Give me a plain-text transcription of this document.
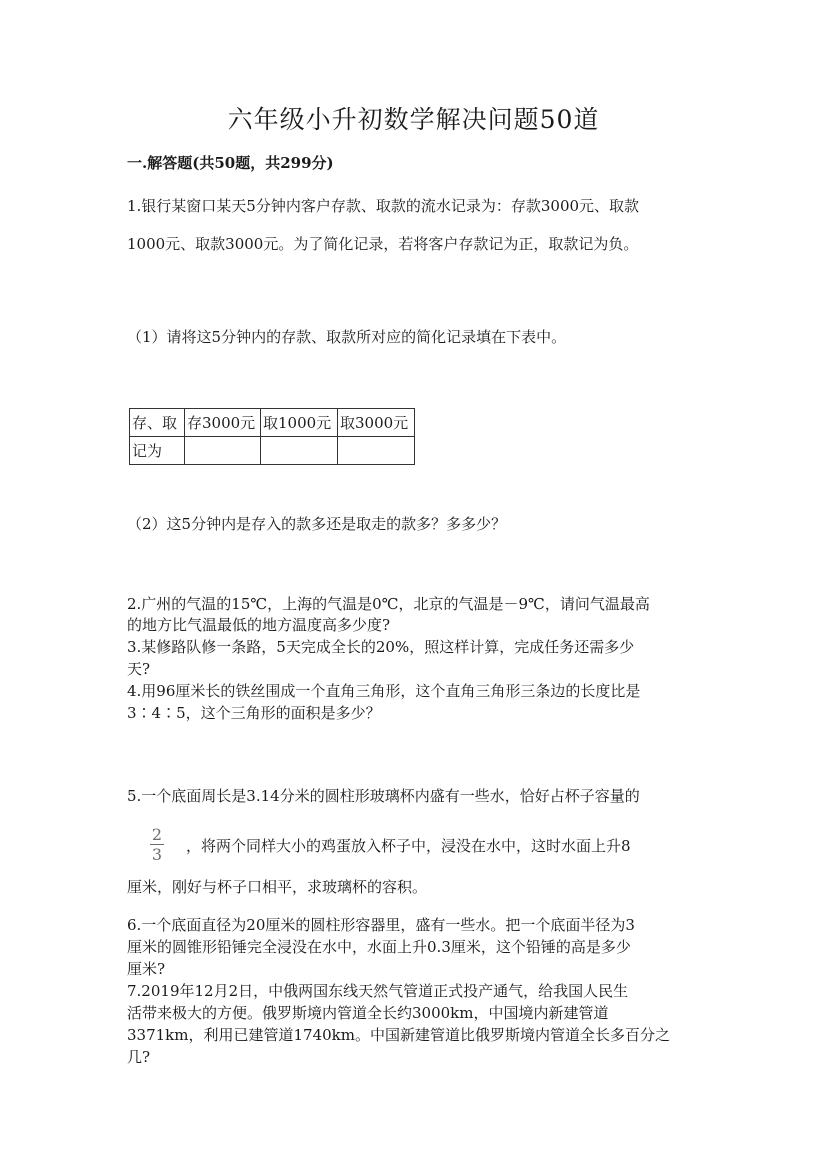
六年级小升初数学解决问题50道
一.解答题(共50题，共299分)
1.银行某窗口某天5分钟内客户存款、取款的流水记录为：存款3000元、取款
1000元、取款3000元。为了简化记录，若将客户存款记为正，取款记为负。
（1）请将这5分钟内的存款、取款所对应的简化记录填在下表中。
存、取	存3000元	取1000元	取3000元
记为			
（2）这5分钟内是存入的款多还是取走的款多？多多少？
2.广州的气温的15℃，上海的气温是0℃，北京的气温是－9℃，请问气温最高
的地方比气温最低的地方温度高多少度?
3.某修路队修一条路，5天完成全长的20%，照这样计算，完成任务还需多少
天?
4.用96厘米长的铁丝围成一个直角三角形，这个直角三角形三条边的长度比是
3∶4∶5，这个三角形的面积是多少？
5.一个底面周长是3.14分米的圆柱形玻璃杯内盛有一些水，恰好占杯子容量的
2
3 ，将两个同样大小的鸡蛋放入杯子中，浸没在水中，这时水面上升8
厘米，刚好与杯子口相平，求玻璃杯的容积。
6.一个底面直径为20厘米的圆柱形容器里，盛有一些水。把一个底面半径为3
厘米的圆锥形铅锤完全浸没在水中，水面上升0.3厘米，这个铅锤的高是多少
厘米?
7.2019年12月2日，中俄两国东线天然气管道正式投产通气，给我国人民生
活带来极大的方便。俄罗斯境内管道全长约3000km，中国境内新建管道
3371km，利用已建管道1740km。中国新建管道比俄罗斯境内管道全长多百分之
几?
